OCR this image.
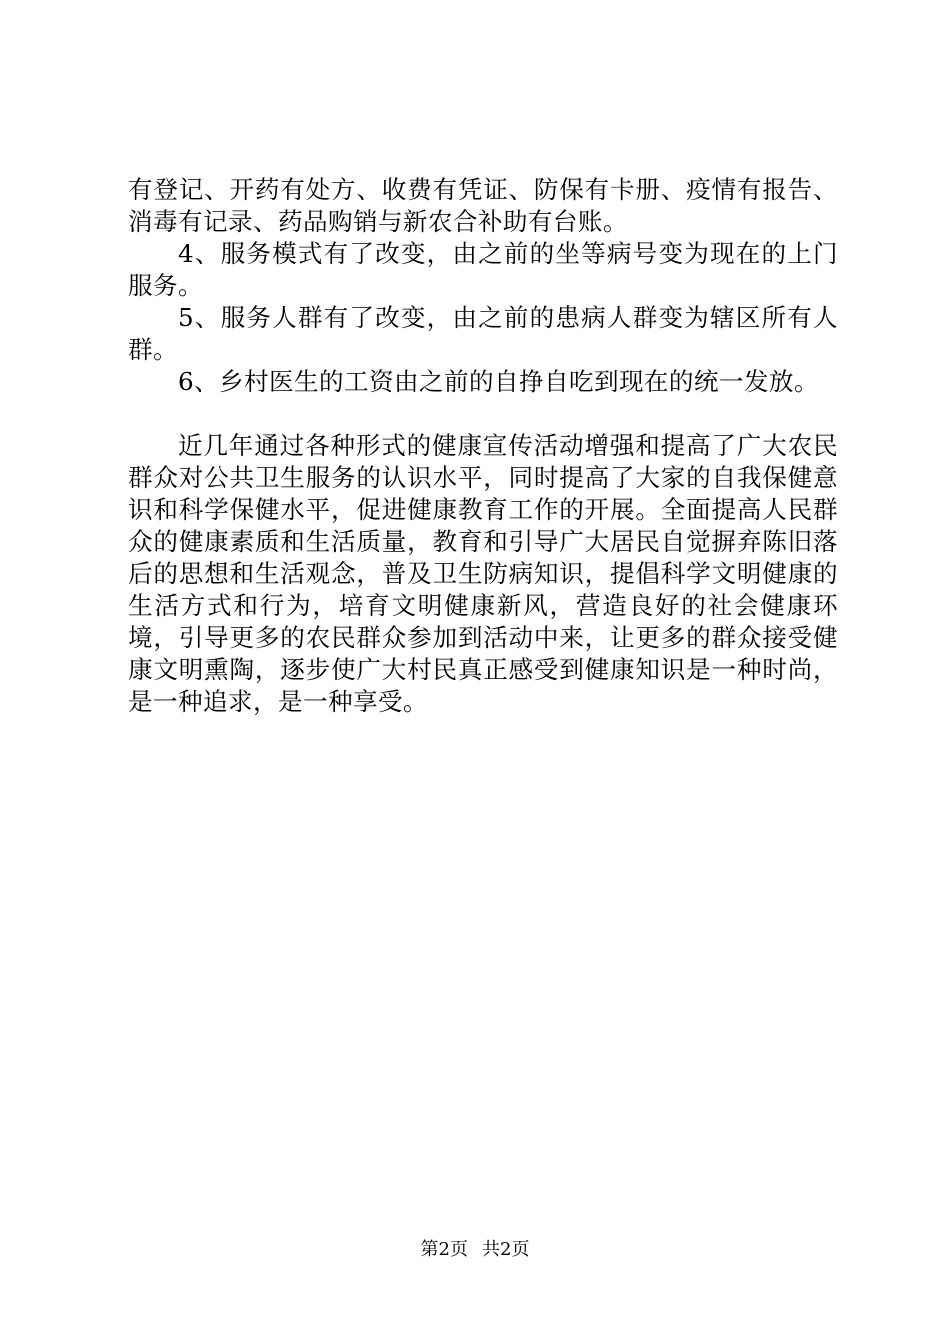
有登记、开药有处方、收费有凭证、防保有卡册、疫情有报告、消毒有记录、药品购销与新农合补助有台账。

4、服务模式有了改变，由之前的坐等病号变为现在的上门服务。

5、服务人群有了改变，由之前的患病人群变为辖区所有人群。

6、乡村医生的工资由之前的自挣自吃到现在的统一发放。

近几年通过各种形式的健康宣传活动增强和提高了广大农民群众对公共卫生服务的认识水平，同时提高了大家的自我保健意识和科学保健水平，促进健康教育工作的开展。全面提高人民群众的健康素质和生活质量，教育和引导广大居民自觉摒弃陈旧落后的思想和生活观念，普及卫生防病知识，提倡科学文明健康的生活方式和行为，培育文明健康新风，营造良好的社会健康环境，引导更多的农民群众参加到活动中来，让更多的群众接受健康文明熏陶，逐步使广大村民真正感受到健康知识是一种时尚，是一种追求，是一种享受。

第2页 共2页
